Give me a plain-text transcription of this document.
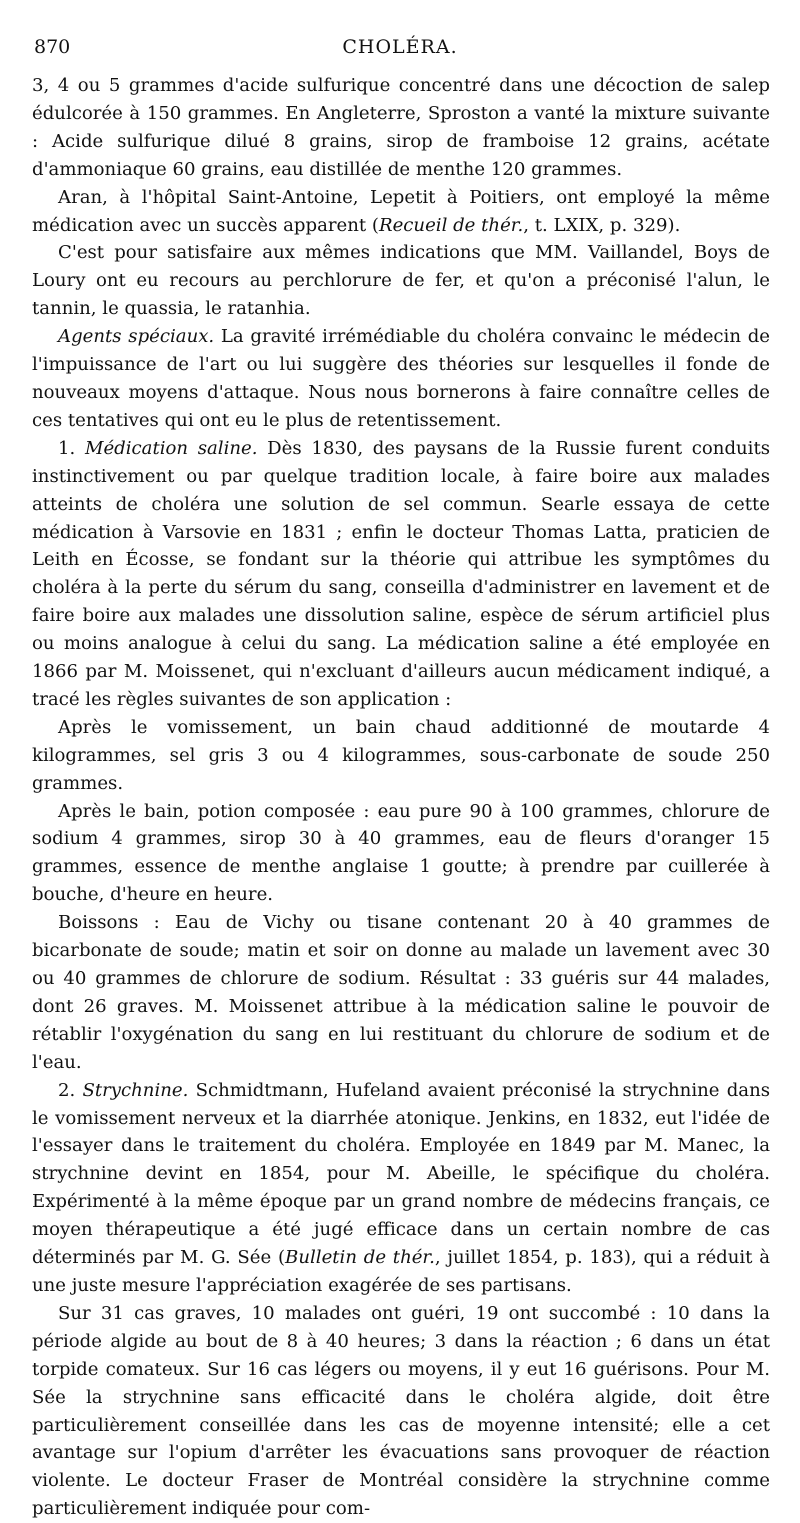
870	CHOLÉRA.

3, 4 ou 5 grammes d'acide sulfurique concentré dans une décoction de salep édulcorée à 150 grammes. En Angleterre, Sproston a vanté la mixture suivante : Acide sulfurique dilué 8 grains, sirop de framboise 12 grains, acétate d'ammoniaque 60 grains, eau distillée de menthe 120 grammes.

Aran, à l'hôpital Saint-Antoine, Lepetit à Poitiers, ont employé la même médication avec un succès apparent (Recueil de thér., t. LXIX, p. 329).

C'est pour satisfaire aux mêmes indications que MM. Vaillandel, Boys de Loury ont eu recours au perchlorure de fer, et qu'on a préconisé l'alun, le tannin, le quassia, le ratanhia.

Agents spéciaux. La gravité irrémédiable du choléra convainc le médecin de l'impuissance de l'art ou lui suggère des théories sur lesquelles il fonde de nouveaux moyens d'attaque. Nous nous bornerons à faire connaître celles de ces tentatives qui ont eu le plus de retentissement.

1. Médication saline. Dès 1830, des paysans de la Russie furent conduits instinctivement ou par quelque tradition locale, à faire boire aux malades atteints de choléra une solution de sel commun. Searle essaya de cette médication à Varsovie en 1831 ; enfin le docteur Thomas Latta, praticien de Leith en Écosse, se fondant sur la théorie qui attribue les symptômes du choléra à la perte du sérum du sang, conseilla d'administrer en lavement et de faire boire aux malades une dissolution saline, espèce de sérum artificiel plus ou moins analogue à celui du sang. La médication saline a été employée en 1866 par M. Moissenet, qui n'excluant d'ailleurs aucun médicament indiqué, a tracé les règles suivantes de son application :

Après le vomissement, un bain chaud additionné de moutarde 4 kilogrammes, sel gris 3 ou 4 kilogrammes, sous-carbonate de soude 250 grammes.

Après le bain, potion composée : eau pure 90 à 100 grammes, chlorure de sodium 4 grammes, sirop 30 à 40 grammes, eau de fleurs d'oranger 15 grammes, essence de menthe anglaise 1 goutte; à prendre par cuillerée à bouche, d'heure en heure.

Boissons : Eau de Vichy ou tisane contenant 20 à 40 grammes de bicarbonate de soude; matin et soir on donne au malade un lavement avec 30 ou 40 grammes de chlorure de sodium. Résultat : 33 guéris sur 44 malades, dont 26 graves. M. Moissenet attribue à la médication saline le pouvoir de rétablir l'oxygénation du sang en lui restituant du chlorure de sodium et de l'eau.

2. Strychnine. Schmidtmann, Hufeland avaient préconisé la strychnine dans le vomissement nerveux et la diarrhée atonique. Jenkins, en 1832, eut l'idée de l'essayer dans le traitement du choléra. Employée en 1849 par M. Manec, la strychnine devint en 1854, pour M. Abeille, le spécifique du choléra. Expérimenté à la même époque par un grand nombre de médecins français, ce moyen thérapeutique a été jugé efficace dans un certain nombre de cas déterminés par M. G. Sée (Bulletin de thér., juillet 1854, p. 183), qui a réduit à une juste mesure l'appréciation exagérée de ses partisans.

Sur 31 cas graves, 10 malades ont guéri, 19 ont succombé : 10 dans la période algide au bout de 8 à 40 heures; 3 dans la réaction ; 6 dans un état torpide comateux. Sur 16 cas légers ou moyens, il y eut 16 guérisons. Pour M. Sée la strychnine sans efficacité dans le choléra algide, doit être particulièrement conseillée dans les cas de moyenne intensité; elle a cet avantage sur l'opium d'arrêter les évacuations sans provoquer de réaction violente. Le docteur Fraser de Montréal considère la strychnine comme particulièrement indiquée pour com-
